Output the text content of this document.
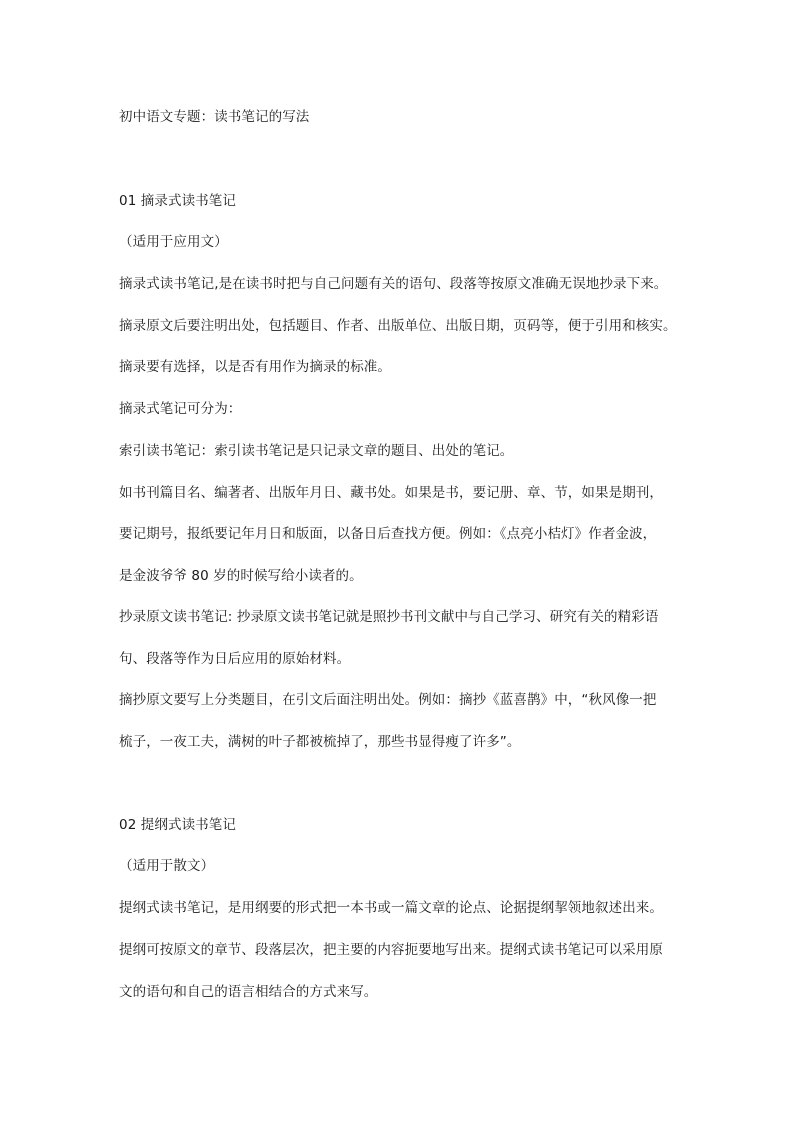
初中语文专题：读书笔记的写法
01 摘录式读书笔记
（适用于应用文）
摘录式读书笔记,是在读书时把与自己问题有关的语句、段落等按原文准确无误地抄录下来。
摘录原文后要注明出处，包括题目、作者、出版单位、出版日期，页码等，便于引用和核实。
摘录要有选择，以是否有用作为摘录的标准。
摘录式笔记可分为：
索引读书笔记：索引读书笔记是只记录文章的题目、出处的笔记。
如书刊篇目名、编著者、出版年月日、藏书处。如果是书，要记册、章、节，如果是期刊，
要记期号，报纸要记年月日和版面，以备日后查找方便。例如：《点亮小桔灯》作者金波，
是金波爷爷 80 岁的时候写给小读者的。
抄录原文读书笔记: 抄录原文读书笔记就是照抄书刊文献中与自己学习、研究有关的精彩语
句、段落等作为日后应用的原始材料。
摘抄原文要写上分类题目，在引文后面注明出处。例如：摘抄《蓝喜鹊》中，“秋风像一把
梳子，一夜工夫，满树的叶子都被梳掉了，那些书显得瘦了许多”。
02 提纲式读书笔记
（适用于散文）
提纲式读书笔记，是用纲要的形式把一本书或一篇文章的论点、论据提纲挈领地叙述出来。
提纲可按原文的章节、段落层次，把主要的内容扼要地写出来。提纲式读书笔记可以采用原
文的语句和自己的语言相结合的方式来写。
